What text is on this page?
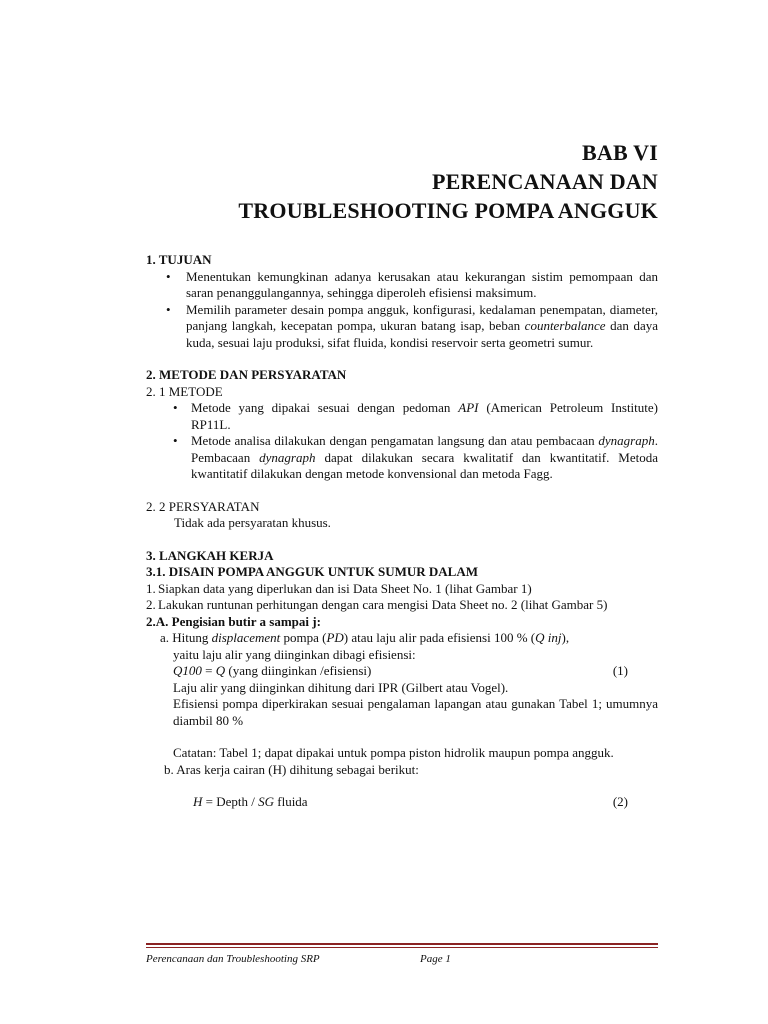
BAB VI
PERENCANAAN DAN
TROUBLESHOOTING POMPA ANGGUK
1. TUJUAN
•	Menentukan kemungkinan adanya kerusakan atau kekurangan sistim pemompaan dan saran penanggulangannya, sehingga diperoleh efisiensi maksimum.
•	Memilih parameter desain pompa angguk, konfigurasi, kedalaman penempatan, diameter, panjang langkah, kecepatan pompa, ukuran batang isap, beban counterbalance dan daya kuda, sesuai laju produksi, sifat fluida, kondisi reservoir serta geometri sumur.
2. METODE DAN PERSYARATAN
2. 1 METODE
•	Metode yang dipakai sesuai dengan pedoman API (American Petroleum Institute) RP11L.
•	Metode analisa dilakukan dengan pengamatan langsung dan atau pembacaan dynagraph. Pembacaan dynagraph dapat dilakukan secara kwalitatif dan kwantitatif. Metoda kwantitatif dilakukan dengan metode konvensional dan metoda Fagg.
2. 2 PERSYARATAN
Tidak ada persyaratan khusus.
3. LANGKAH KERJA
3.1. DISAIN POMPA ANGGUK UNTUK SUMUR DALAM
1. Siapkan data yang diperlukan dan isi Data Sheet No. 1 (lihat Gambar 1)
2. Lakukan runtunan perhitungan dengan cara mengisi Data Sheet no. 2 (lihat Gambar 5)
2.A. Pengisian butir a sampai j:
a. Hitung displacement pompa (PD) atau laju alir pada efisiensi 100 % (Q inj),
yaitu laju alir yang diinginkan dibagi efisiensi:
Q100 = Q (yang diinginkan /efisiensi)	(1)
Laju alir yang diinginkan dihitung dari IPR (Gilbert atau Vogel).
Efisiensi pompa diperkirakan sesuai pengalaman lapangan atau gunakan Tabel 1; umumnya diambil 80 %
Catatan: Tabel 1; dapat dipakai untuk pompa piston hidrolik maupun pompa angguk.
b. Aras kerja cairan (H) dihitung sebagai berikut:
H = Depth / SG fluida	(2)
Perencanaan dan Troubleshooting SRP	Page 1
